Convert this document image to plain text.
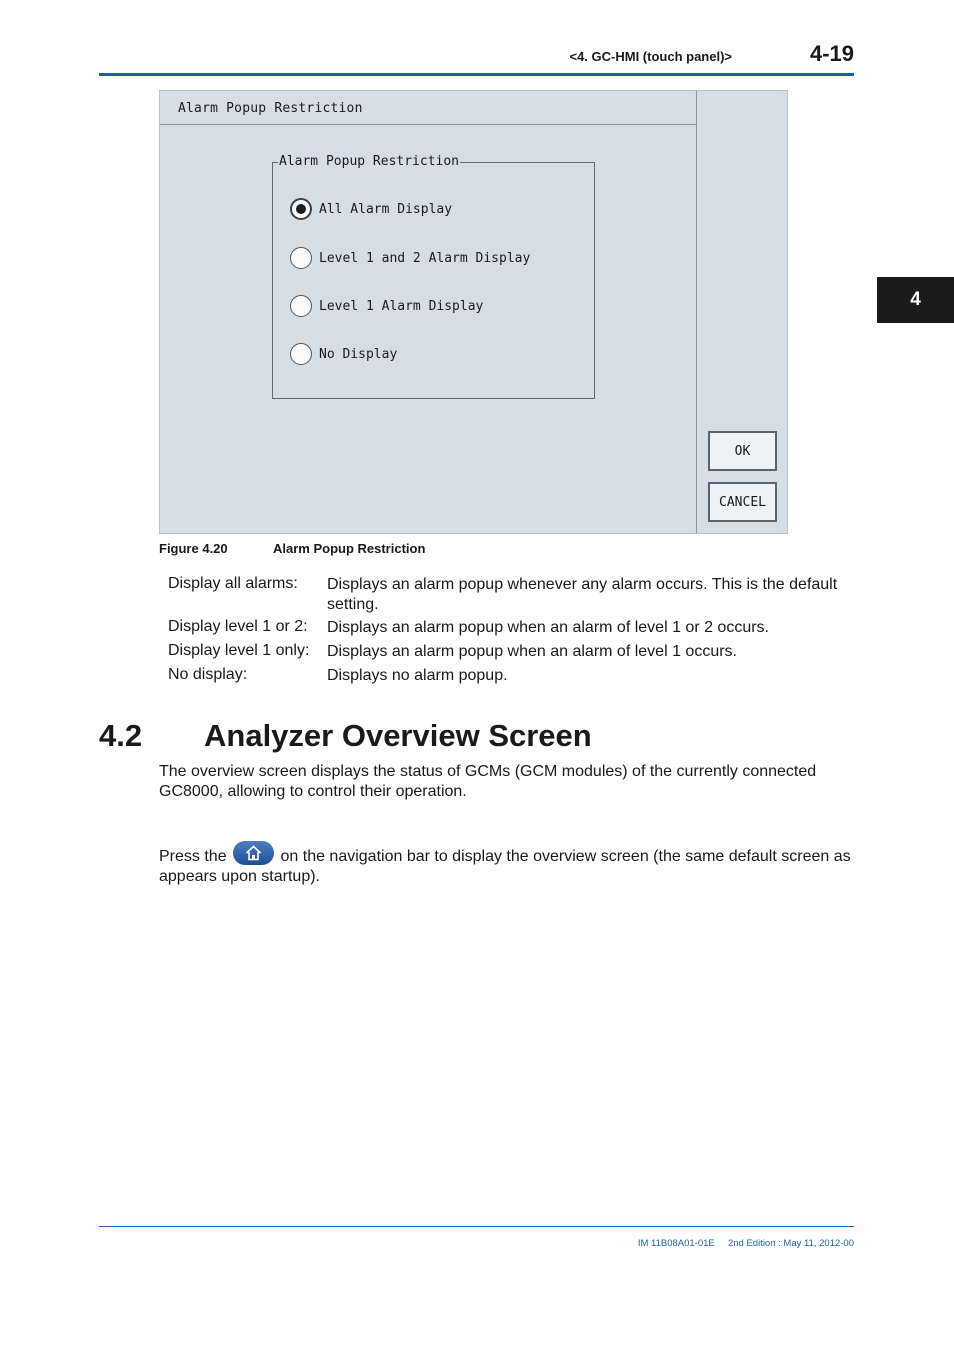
<4. GC-HMI (touch panel)>	4-19
4
Alarm Popup Restriction
Alarm Popup Restriction
All Alarm Display
Level 1 and 2 Alarm Display
Level 1 Alarm Display
No Display
OK
CANCEL
Figure 4.20	Alarm Popup Restriction
Display all alarms: Displays an alarm popup whenever any alarm occurs. This is the default setting.
Display level 1 or 2: Displays an alarm popup when an alarm of level 1 or 2 occurs.
Display level 1 only: Displays an alarm popup when an alarm of level 1 occurs.
No display:	Displays no alarm popup.
4.2 Analyzer Overview Screen
The overview screen displays the status of GCMs (GCM modules) of the currently connected GC8000, allowing to control their operation.
Press the	on the navigation bar to display the overview screen (the same default screen as appears upon startup).
IM 11B08A01-01E 2nd Edition : May 11, 2012-00
